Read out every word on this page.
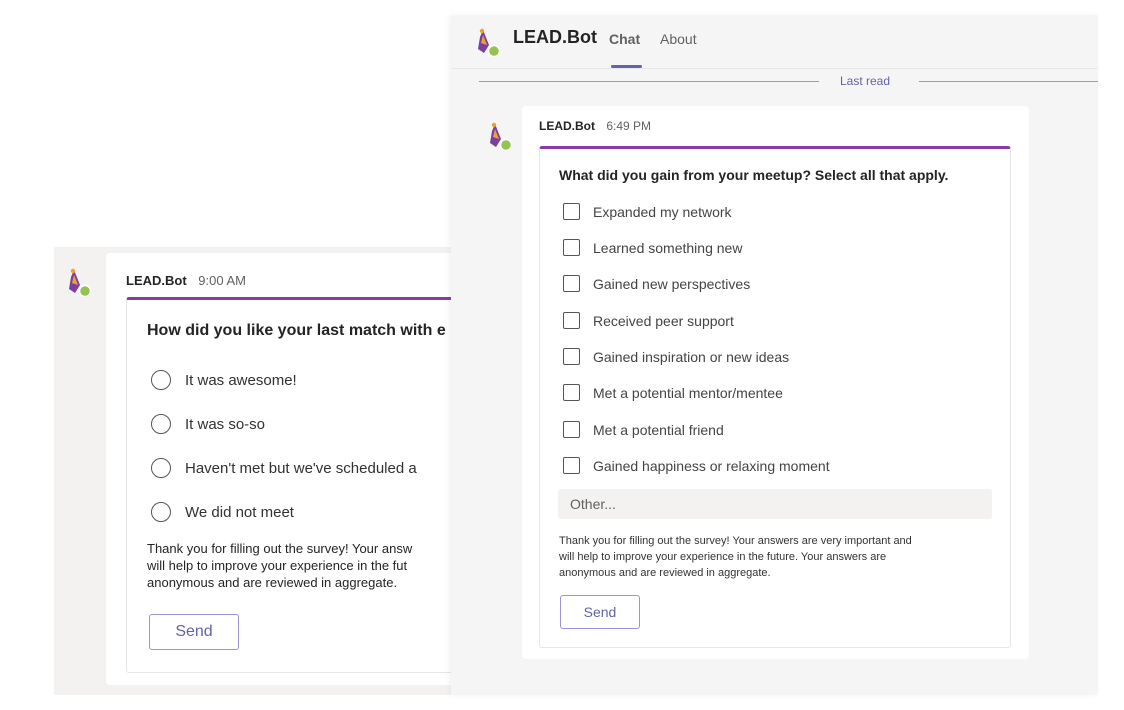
LEAD.Bot 9:00 AM
How did you like your last match with e
It was awesome!
It was so-so
Haven't met but we've scheduled a
We did not meet
Thank you for filling out the survey! Your answ
will help to improve your experience in the fut
anonymous and are reviewed in aggregate.
Send
LEAD.Bot Chat About
Last read
LEAD.Bot 6:49 PM
What did you gain from your meetup? Select all that apply.
Expanded my network
Learned something new
Gained new perspectives
Received peer support
Gained inspiration or new ideas
Met a potential mentor/mentee
Met a potential friend
Gained happiness or relaxing moment
Other...
Thank you for filling out the survey! Your answers are very important and
will help to improve your experience in the future. Your answers are
anonymous and are reviewed in aggregate.
Send
